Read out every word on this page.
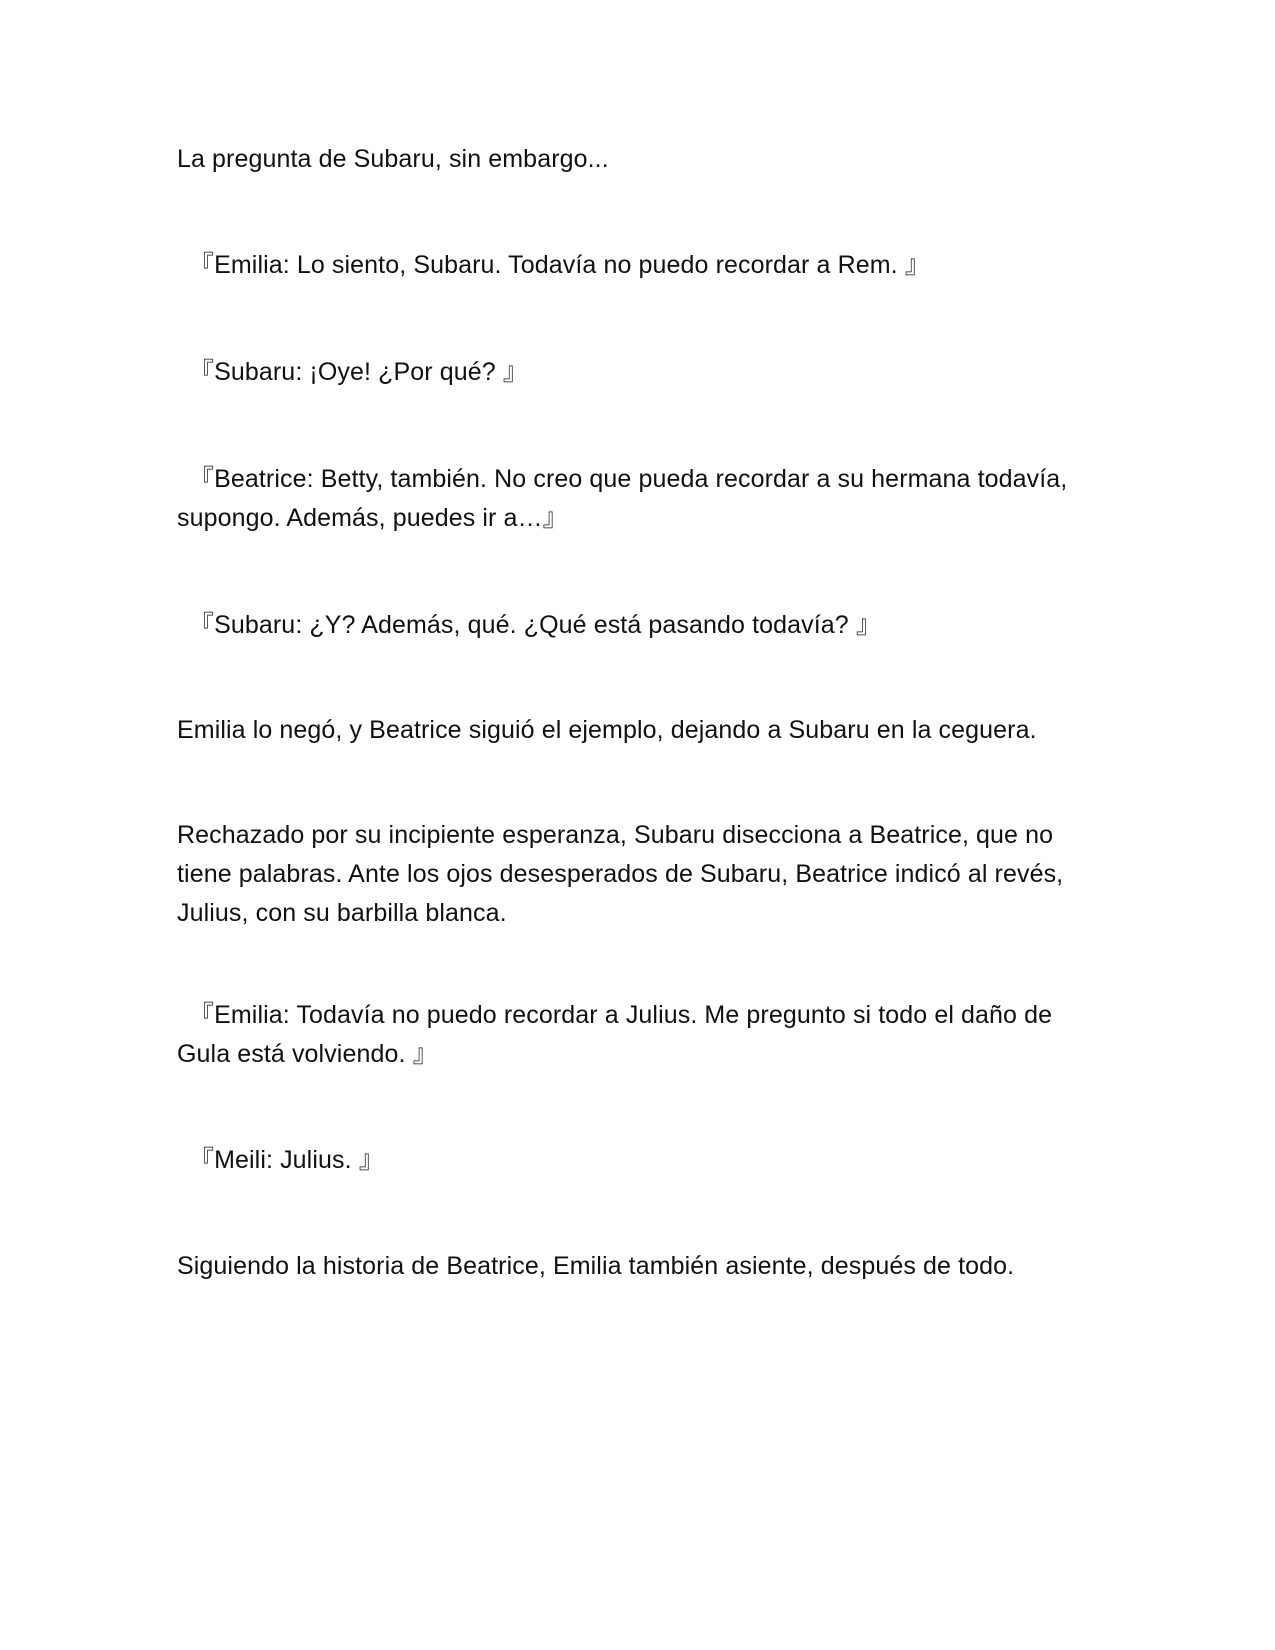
La pregunta de Subaru, sin embargo...

『Emilia: Lo siento, Subaru. Todavía no puedo recordar a Rem. 』

『Subaru: ¡Oye! ¿Por qué? 』

『Beatrice: Betty, también. No creo que pueda recordar a su hermana todavía, supongo. Además, puedes ir a…』

『Subaru: ¿Y? Además, qué. ¿Qué está pasando todavía? 』

Emilia lo negó, y Beatrice siguió el ejemplo, dejando a Subaru en la ceguera.

Rechazado por su incipiente esperanza, Subaru disecciona a Beatrice, que no tiene palabras. Ante los ojos desesperados de Subaru, Beatrice indicó al revés, Julius, con su barbilla blanca.

『Emilia: Todavía no puedo recordar a Julius. Me pregunto si todo el daño de Gula está volviendo. 』

『Meili: Julius. 』

Siguiendo la historia de Beatrice, Emilia también asiente, después de todo.
